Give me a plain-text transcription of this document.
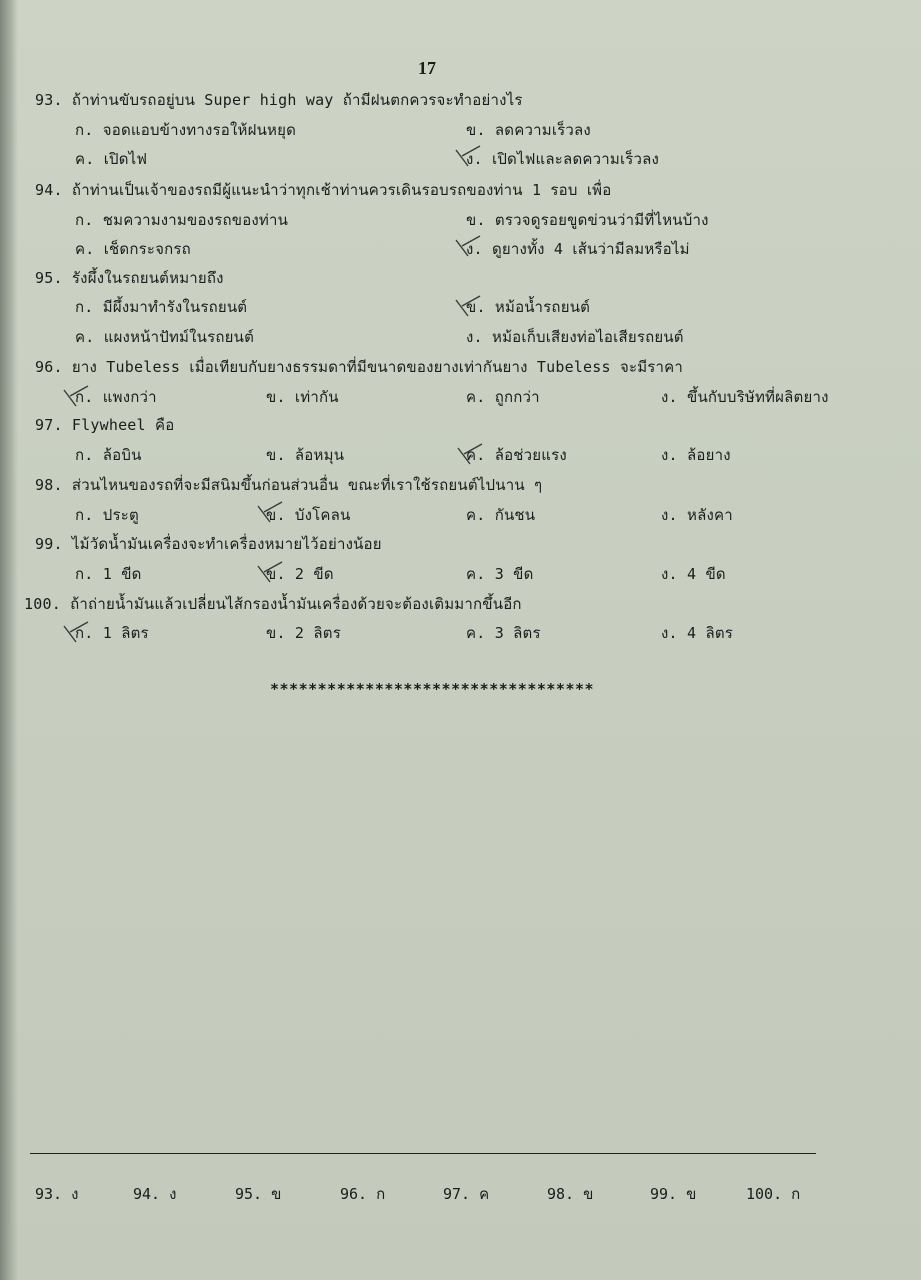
17
93. ถ้าท่านขับรถอยู่บน Super high way ถ้ามีฝนตกควรจะทำอย่างไร
ก. จอดแอบข้างทางรอให้ฝนหยุด	ข. ลดความเร็วลง
ค. เปิดไฟ	ง. เปิดไฟและลดความเร็วลง
94. ถ้าท่านเป็นเจ้าของรถมีผู้แนะนำว่าทุกเช้าท่านควรเดินรอบรถของท่าน 1 รอบ เพื่อ
ก. ชมความงามของรถของท่าน	ข. ตรวจดูรอยขูดข่วนว่ามีที่ไหนบ้าง
ค. เช็ดกระจกรถ	ง. ดูยางทั้ง 4 เส้นว่ามีลมหรือไม่
95. รังผึ้งในรถยนต์หมายถึง
ก. มีผึ้งมาทำรังในรถยนต์	ข. หม้อน้ำรถยนต์
ค. แผงหน้าปัทม์ในรถยนต์	ง. หม้อเก็บเสียงท่อไอเสียรถยนต์
96. ยาง Tubeless เมื่อเทียบกับยางธรรมดาที่มีขนาดของยางเท่ากันยาง Tubeless จะมีราคา
ก. แพงกว่า	ข. เท่ากัน	ค. ถูกกว่า	ง. ขึ้นกับบริษัทที่ผลิตยาง
97. Flywheel คือ
ก. ล้อบิน	ข. ล้อหมุน	ค. ล้อช่วยแรง	ง. ล้อยาง
98. ส่วนไหนของรถที่จะมีสนิมขึ้นก่อนส่วนอื่น ขณะที่เราใช้รถยนต์ไปนาน ๆ
ก. ประตู	ข. บังโคลน	ค. กันชน	ง. หลังคา
99. ไม้วัดน้ำมันเครื่องจะทำเครื่องหมายไว้อย่างน้อย
ก. 1 ขีด	ข. 2 ขีด	ค. 3 ขีด	ง. 4 ขีด
100. ถ้าถ่ายน้ำมันแล้วเปลี่ยนไส้กรองน้ำมันเครื่องด้วยจะต้องเติมมากขึ้นอีก
ก. 1 ลิตร	ข. 2 ลิตร	ค. 3 ลิตร	ง. 4 ลิตร
**********************************
93. ง	94. ง	95. ข	96. ก	97. ค	98. ข	99. ข	100. ก
